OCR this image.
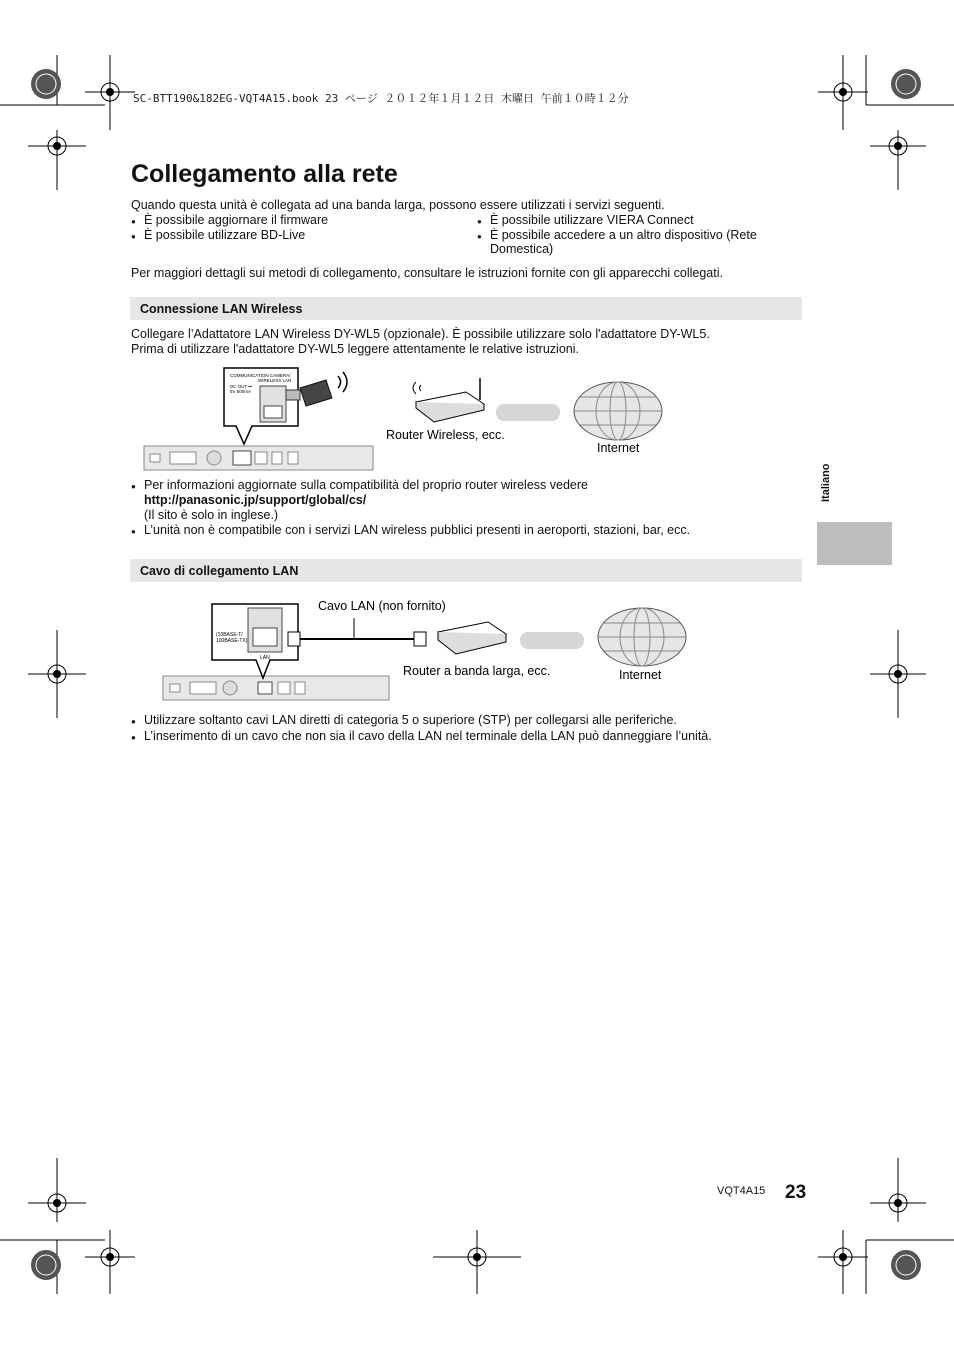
SC-BTT190&182EG-VQT4A15.book 23 ページ ２０１２年１月１２日 木曜日 午前１０時１２分
Collegamento alla rete
Quando questa unità è collegata ad una banda larga, possono essere utilizzati i servizi seguenti.
● È possibile aggiornare il firmware
● È possibile utilizzare BD-Live
● È possibile utilizzare VIERA Connect
● È possibile accedere a un altro dispositivo (Rete
Domestica)
Per maggiori dettagli sui metodi di collegamento, consultare le istruzioni fornite con gli apparecchi collegati.
Connessione LAN Wireless
Collegare l’Adattatore LAN Wireless DY-WL5 (opzionale). È possibile utilizzare solo l'adattatore DY-WL5.
Prima di utilizzare l'adattatore DY-WL5 leggere attentamente le relative istruzioni.
COMMUNICATION CAMERA/
WIRELESS LAN
DC OUT ⎓
5V 500mA
Router Wireless, ecc.
Internet
● Per informazioni aggiornate sulla compatibilità del proprio router wireless vedere
http://panasonic.jp/support/global/cs/
(Il sito è solo in inglese.)
● L’unità non è compatibile con i servizi LAN wireless pubblici presenti in aeroporti, stazioni, bar, ecc.
Cavo di collegamento LAN
(10BASE-T/
100BASE-TX)
LAN
Cavo LAN (non fornito)
Router a banda larga, ecc.	Internet
● Utilizzare soltanto cavi LAN diretti di categoria 5 o superiore (STP) per collegarsi alle periferiche.
● L’inserimento di un cavo che non sia il cavo della LAN nel terminale della LAN può danneggiare l’unità.
Italiano
VQT4A15 23
